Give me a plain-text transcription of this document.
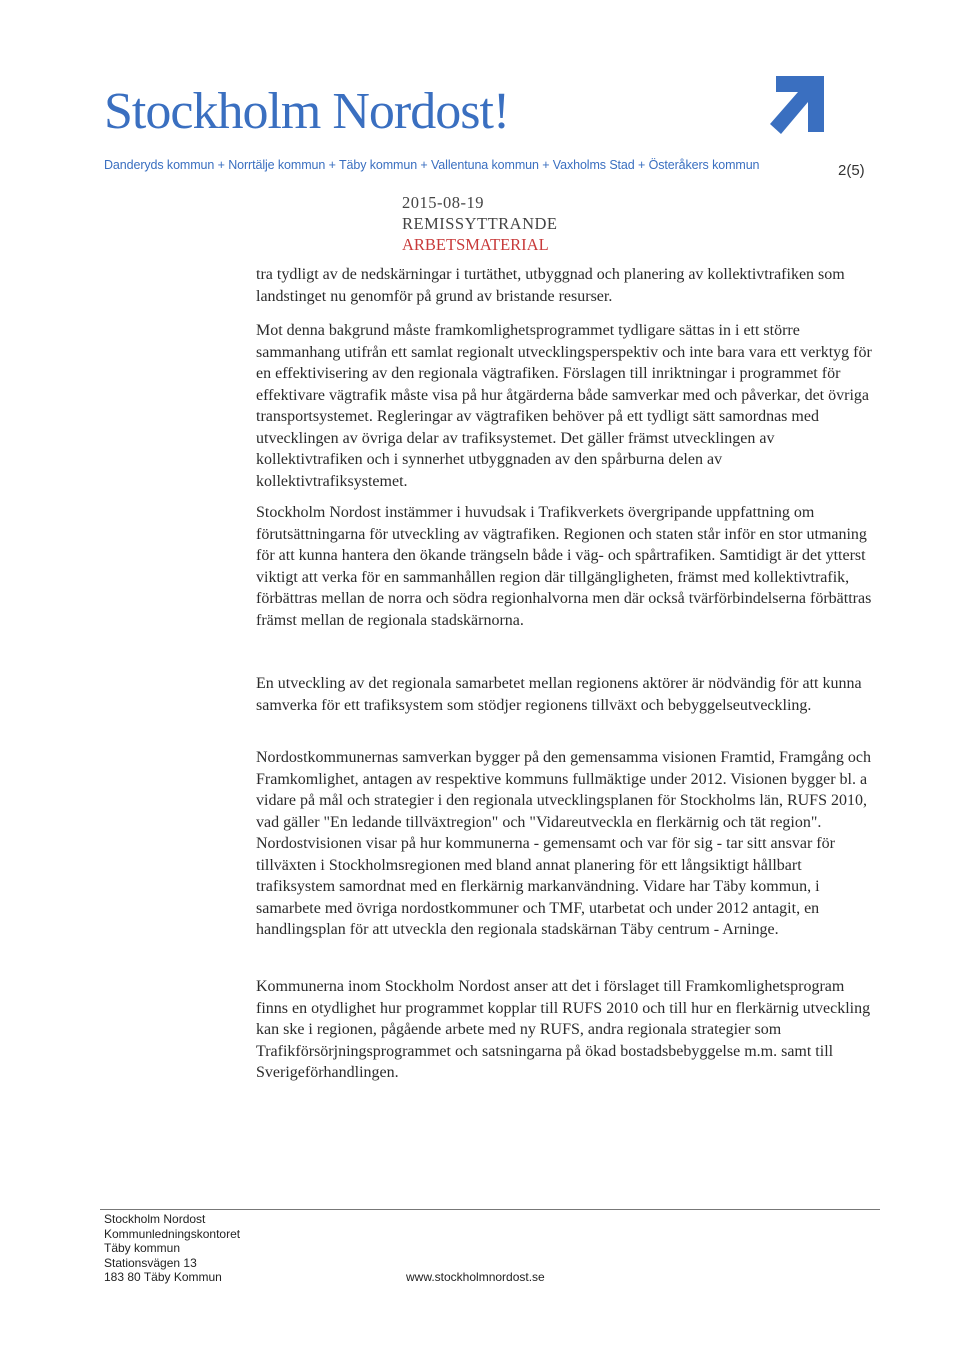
Stockholm Nordost!
Danderyds kommun + Norrtälje kommun + Täby kommun + Vallentuna kommun + Vaxholms Stad + Österåkers kommun	2(5)
2015-08-19
REMISSYTTRANDE
ARBETSMATERIAL

tra tydligt av de nedskärningar i turtäthet, utbyggnad och planering av kollektivtrafiken som landstinget nu genomför på grund av bristande resurser.

Mot denna bakgrund måste framkomlighetsprogrammet tydligare sättas in i ett större sammanhang utifrån ett samlat regionalt utvecklingsperspektiv och inte bara vara ett verktyg för en effektivisering av den regionala vägtrafiken. Förslagen till inriktningar i programmet för effektivare vägtrafik måste visa på hur åtgärderna både samverkar med och påverkar, det övriga transportsystemet. Regleringar av vägtrafiken behöver på ett tydligt sätt samordnas med utvecklingen av övriga delar av trafiksystemet. Det gäller främst utvecklingen av kollektivtrafiken och i synnerhet utbyggnaden av den spårburna delen av kollektivtrafiksystemet.

Stockholm Nordost instämmer i huvudsak i Trafikverkets övergripande uppfattning om förutsättningarna för utveckling av vägtrafiken. Regionen och staten står inför en stor utmaning för att kunna hantera den ökande trängseln både i väg- och spårtrafiken. Samtidigt är det ytterst viktigt att verka för en sammanhållen region där tillgängligheten, främst med kollektivtrafik, förbättras mellan de norra och södra regionhalvorna men där också tvärförbindelserna förbättras främst mellan de regionala stadskärnorna.

En utveckling av det regionala samarbetet mellan regionens aktörer är nödvändig för att kunna samverka för ett trafiksystem som stödjer regionens tillväxt och bebyggelseutveckling.

Nordostkommunernas samverkan bygger på den gemensamma visionen Framtid, Framgång och Framkomlighet, antagen av respektive kommuns fullmäktige under 2012. Visionen bygger bl. a vidare på mål och strategier i den regionala utvecklingsplanen för Stockholms län, RUFS 2010, vad gäller "En ledande tillväxtregion" och "Vidareutveckla en flerkärnig och tät region". Nordostvisionen visar på hur kommunerna - gemensamt och var för sig - tar sitt ansvar för tillväxten i Stockholmsregionen med bland annat planering för ett långsiktigt hållbart trafiksystem samordnat med en flerkärnig markanvändning. Vidare har Täby kommun, i samarbete med övriga nordostkommuner och TMF, utarbetat och under 2012 antagit, en handlingsplan för att utveckla den regionala stadskärnan Täby centrum - Arninge.

Kommunerna inom Stockholm Nordost anser att det i förslaget till Framkomlighetsprogram finns en otydlighet hur programmet kopplar till RUFS 2010 och till hur en flerkärnig utveckling kan ske i regionen, pågående arbete med ny RUFS, andra regionala strategier som Trafikförsörjningsprogrammet och satsningarna på ökad bostadsbebyggelse m.m. samt till Sverigeförhandlingen.

Stockholm Nordost
Kommunledningskontoret
Täby kommun
Stationsvägen 13
183 80 Täby Kommun	www.stockholmnordost.se
